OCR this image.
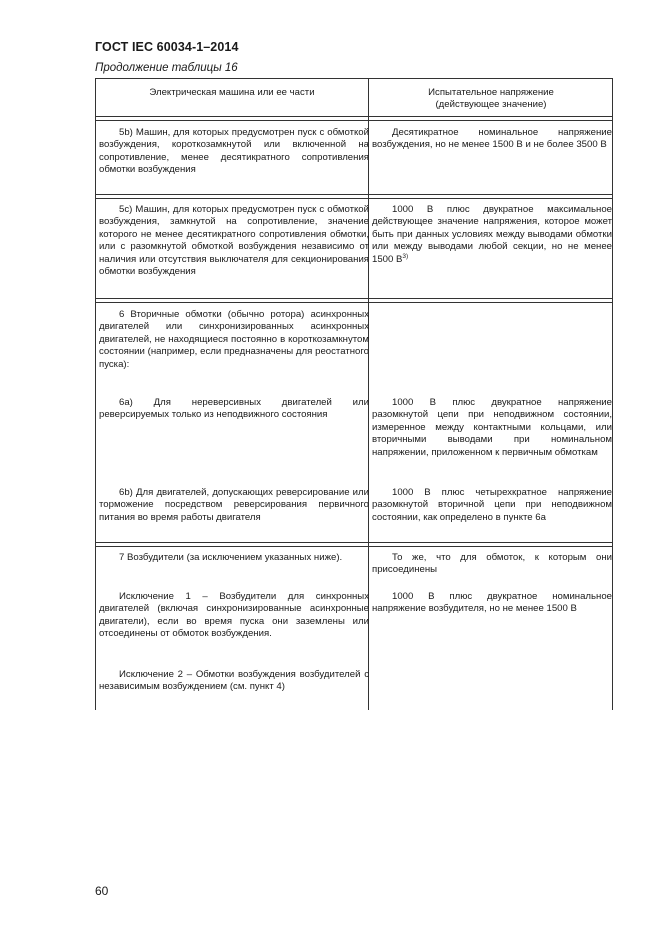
ГОСТ IEC 60034-1–2014
Продолжение таблицы 16
Электрическая машина или ее части	Испытательное напряжение
(действующее значение)

5b) Машин, для которых предусмотрен пуск с обмоткой возбуждения, короткозамкнутой или включенной на сопротивление, менее десятикратного сопротивления обмотки возбуждения

Десятикратное номинальное напряжение возбуждения, но не менее 1500 В и не более 3500 В

5c) Машин, для которых предусмотрен пуск с обмоткой возбуждения, замкнутой на сопротивление, значение которого не менее десятикратного сопротивления обмотки, или с разомкнутой обмоткой возбуждения независимо от наличия или отсутствия выключателя для секционирования обмотки возбуждения

1000 В плюс двукратное максимальное действующее значение напряжения, которое может быть при данных условиях между выводами обмотки или между выводами любой секции, но не менее 1500 $В^{3)}$

6 Вторичные обмотки (обычно ротора) асинхронных двигателей или синхронизированных асинхронных двигателей, не находящиеся постоянно в короткозамкнутом состоянии (например, если предназначены для реостатного пуска):

6a) Для нереверсивных двигателей или реверсируемых только из неподвижного состояния

1000 В плюс двукратное напряжение разомкнутой цепи при неподвижном состоянии, измеренное между контактными кольцами, или вторичными выводами при номинальном напряжении, приложенном к первичным обмоткам

6b) Для двигателей, допускающих реверсирование или торможение посредством реверсирования первичного питания во время работы двигателя

1000 В плюс четырехкратное напряжение разомкнутой вторичной цепи при неподвижном состоянии, как определено в пункте 6а

7 Возбудители (за исключением указанных ниже).	То же, что для обмоток, к которым они присоединены

Исключение 1 – Возбудители для синхронных двигателей (включая синхронизированные асинхронные двигатели), если во время пуска они заземлены или отсоединены от обмоток возбуждения.

1000 В плюс двукратное номинальное напряжение возбудителя, но не менее 1500 В

Исключение 2 – Обмотки возбуждения возбудителей с независимым возбуждением (см. пункт 4)

60
